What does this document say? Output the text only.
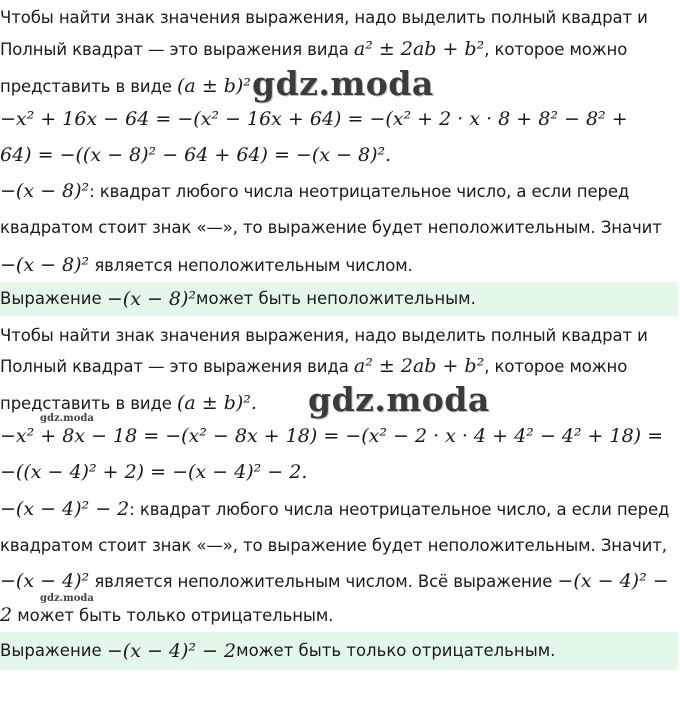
Чтобы найти знак значения выражения, надо выделить полный квадрат и
Полный квадрат — это выражения вида a² ± 2ab + b², которое можно
представить в виде (a ± b)² gdz.moda
−x² + 16x − 64 = −(x² − 16x + 64) = −(x² + 2 · x · 8 + 8² − 8² +
64) = −((x − 8)² − 64 + 64) = −(x − 8)².
−(x − 8)²: квадрат любого числа неотрицательное число, а если перед
квадратом стоит знак «—», то выражение будет неположительным. Значит
−(x − 8)² является неположительным числом.
Выражение
−(x − 8)² может быть неположительным.
Чтобы найти знак значения выражения, надо выделить полный квадрат и
Полный квадрат — это выражения вида a² ± 2ab + b², которое можно
представить в виде (a ± b)².	gdz.moda
gdz.moda
−x² + 8x − 18 = −(x² − 8x + 18) = −(x² − 2 · x · 4 + 4² − 4² + 18) =
−((x − 4)² + 2) = −(x − 4)² − 2.
−(x − 4)² − 2: квадрат любого числа неотрицательное число, а если перед
квадратом стоит знак «—», то выражение будет неположительным. Значит,
−(x − 4)² является неположительным числом. Всё выражение −(x − 4)² −
gdz.moda
2 может быть только отрицательным.
Выражение
−(x − 4)² − 2 может быть только отрицательным.
